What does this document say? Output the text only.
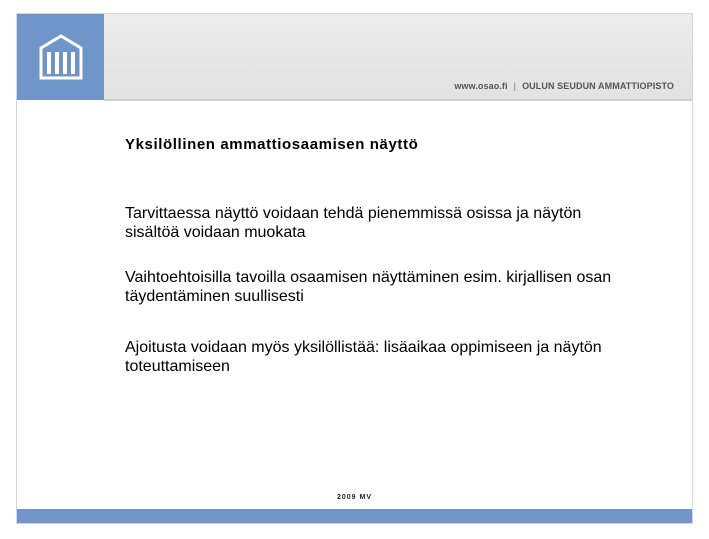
www.osao.fi | OULUN SEUDUN AMMATTIOPISTO
Yksilöllinen ammattiosaamisen näyttö
Tarvittaessa näyttö voidaan tehdä pienemmissä osissa ja näytön sisältöä voidaan muokata
Vaihtoehtoisilla tavoilla osaamisen näyttäminen esim. kirjallisen osan täydentäminen suullisesti
Ajoitusta voidaan myös yksilöllistää: lisäaikaa oppimiseen ja näytön toteuttamiseen
2009 MV
